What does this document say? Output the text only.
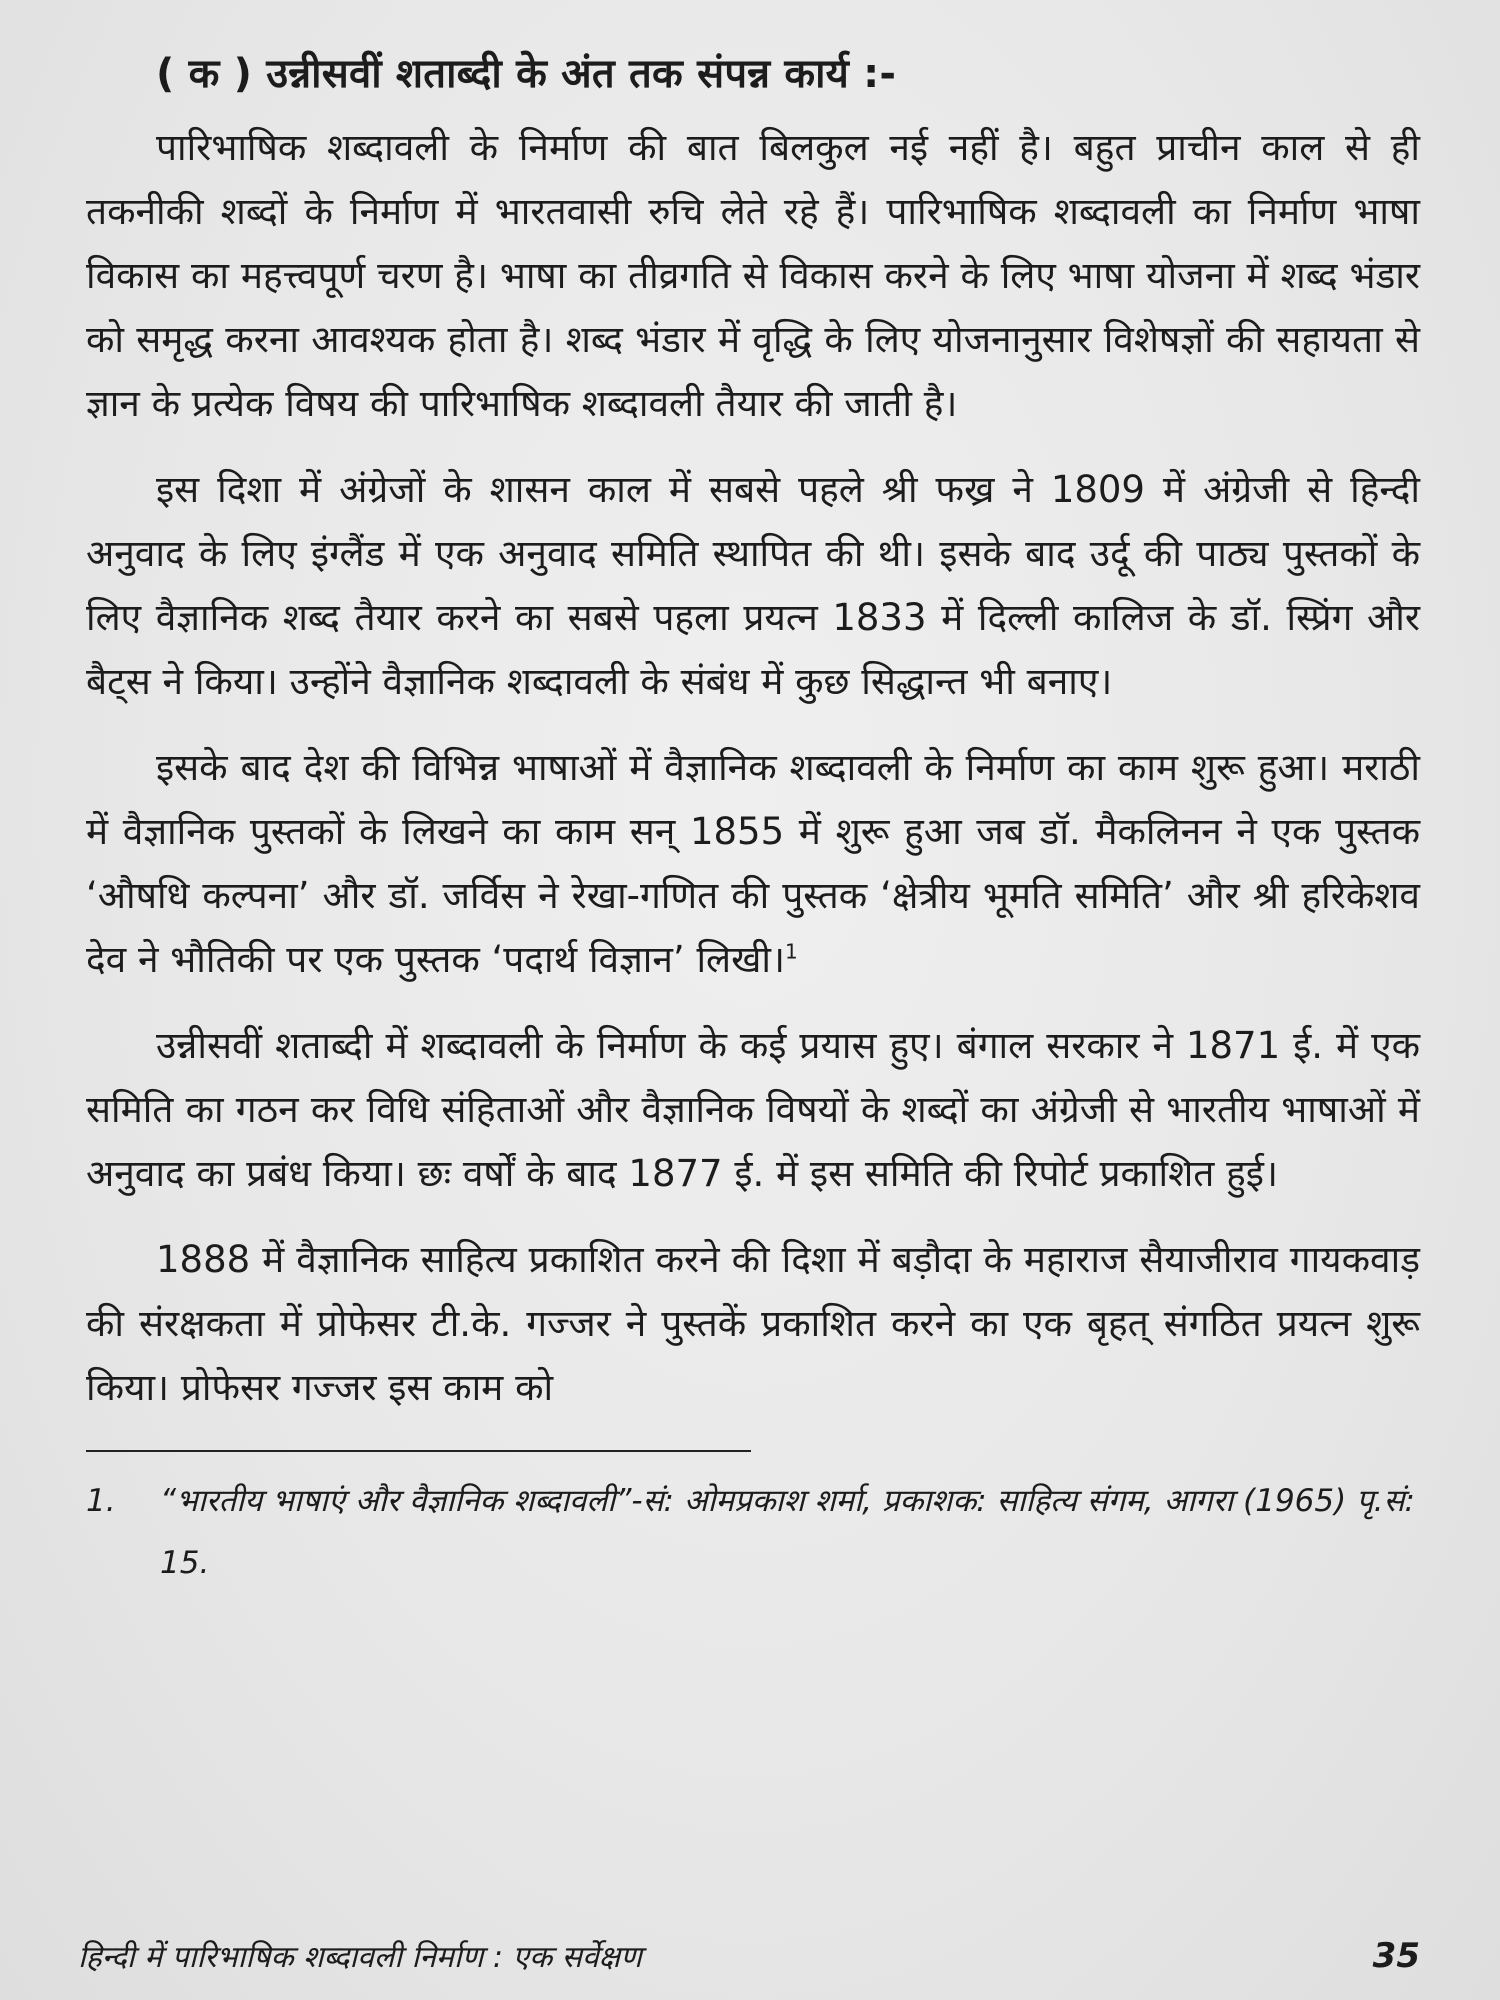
( क ) उन्नीसवीं शताब्दी के अंत तक संपन्न कार्य :-

पारिभाषिक शब्दावली के निर्माण की बात बिलकुल नई नहीं है। बहुत प्राचीन काल से ही तकनीकी शब्दों के निर्माण में भारतवासी रुचि लेते रहे हैं। पारिभाषिक शब्दावली का निर्माण भाषा विकास का महत्त्वपूर्ण चरण है। भाषा का तीव्रगति से विकास करने के लिए भाषा योजना में शब्द भंडार को समृद्ध करना आवश्यक होता है। शब्द भंडार में वृद्धि के लिए योजनानुसार विशेषज्ञों की सहायता से ज्ञान के प्रत्येक विषय की पारिभाषिक शब्दावली तैयार की जाती है।

इस दिशा में अंग्रेजों के शासन काल में सबसे पहले श्री फख्र ने 1809 में अंग्रेजी से हिन्दी अनुवाद के लिए इंग्लैंड में एक अनुवाद समिति स्थापित की थी। इसके बाद उर्दू की पाठ्य पुस्तकों के लिए वैज्ञानिक शब्द तैयार करने का सबसे पहला प्रयत्न 1833 में दिल्ली कालिज के डॉ. स्प्रिंग और बैट्स ने किया। उन्होंने वैज्ञानिक शब्दावली के संबंध में कुछ सिद्धान्त भी बनाए।

इसके बाद देश की विभिन्न भाषाओं में वैज्ञानिक शब्दावली के निर्माण का काम शुरू हुआ। मराठी में वैज्ञानिक पुस्तकों के लिखने का काम सन् 1855 में शुरू हुआ जब डॉ. मैकलिनन ने एक पुस्तक ‘औषधि कल्पना’ और डॉ. जर्विस ने रेखा-गणित की पुस्तक ‘क्षेत्रीय भूमति समिति’ और श्री हरिकेशव देव ने भौतिकी पर एक पुस्तक ‘पदार्थ विज्ञान’ लिखी।$^1$

उन्नीसवीं शताब्दी में शब्दावली के निर्माण के कई प्रयास हुए। बंगाल सरकार ने 1871 ई. में एक समिति का गठन कर विधि संहिताओं और वैज्ञानिक विषयों के शब्दों का अंग्रेजी से भारतीय भाषाओं में अनुवाद का प्रबंध किया। छः वर्षों के बाद 1877 ई. में इस समिति की रिपोर्ट प्रकाशित हुई।

1888 में वैज्ञानिक साहित्य प्रकाशित करने की दिशा में बड़ौदा के महाराज सैयाजीराव गायकवाड़ की संरक्षकता में प्रोफेसर टी.के. गज्जर ने पुस्तकें प्रकाशित करने का एक बृहत् संगठित प्रयत्न शुरू किया। प्रोफेसर गज्जर इस काम को

1.	“भारतीय भाषाएं और वैज्ञानिक शब्दावली”-सं: ओमप्रकाश शर्मा, प्रकाशक: साहित्य संगम, आगरा (1965) पृ.सं: 15.
हिन्दी में पारिभाषिक शब्दावली निर्माण : एक सर्वेक्षण	35
